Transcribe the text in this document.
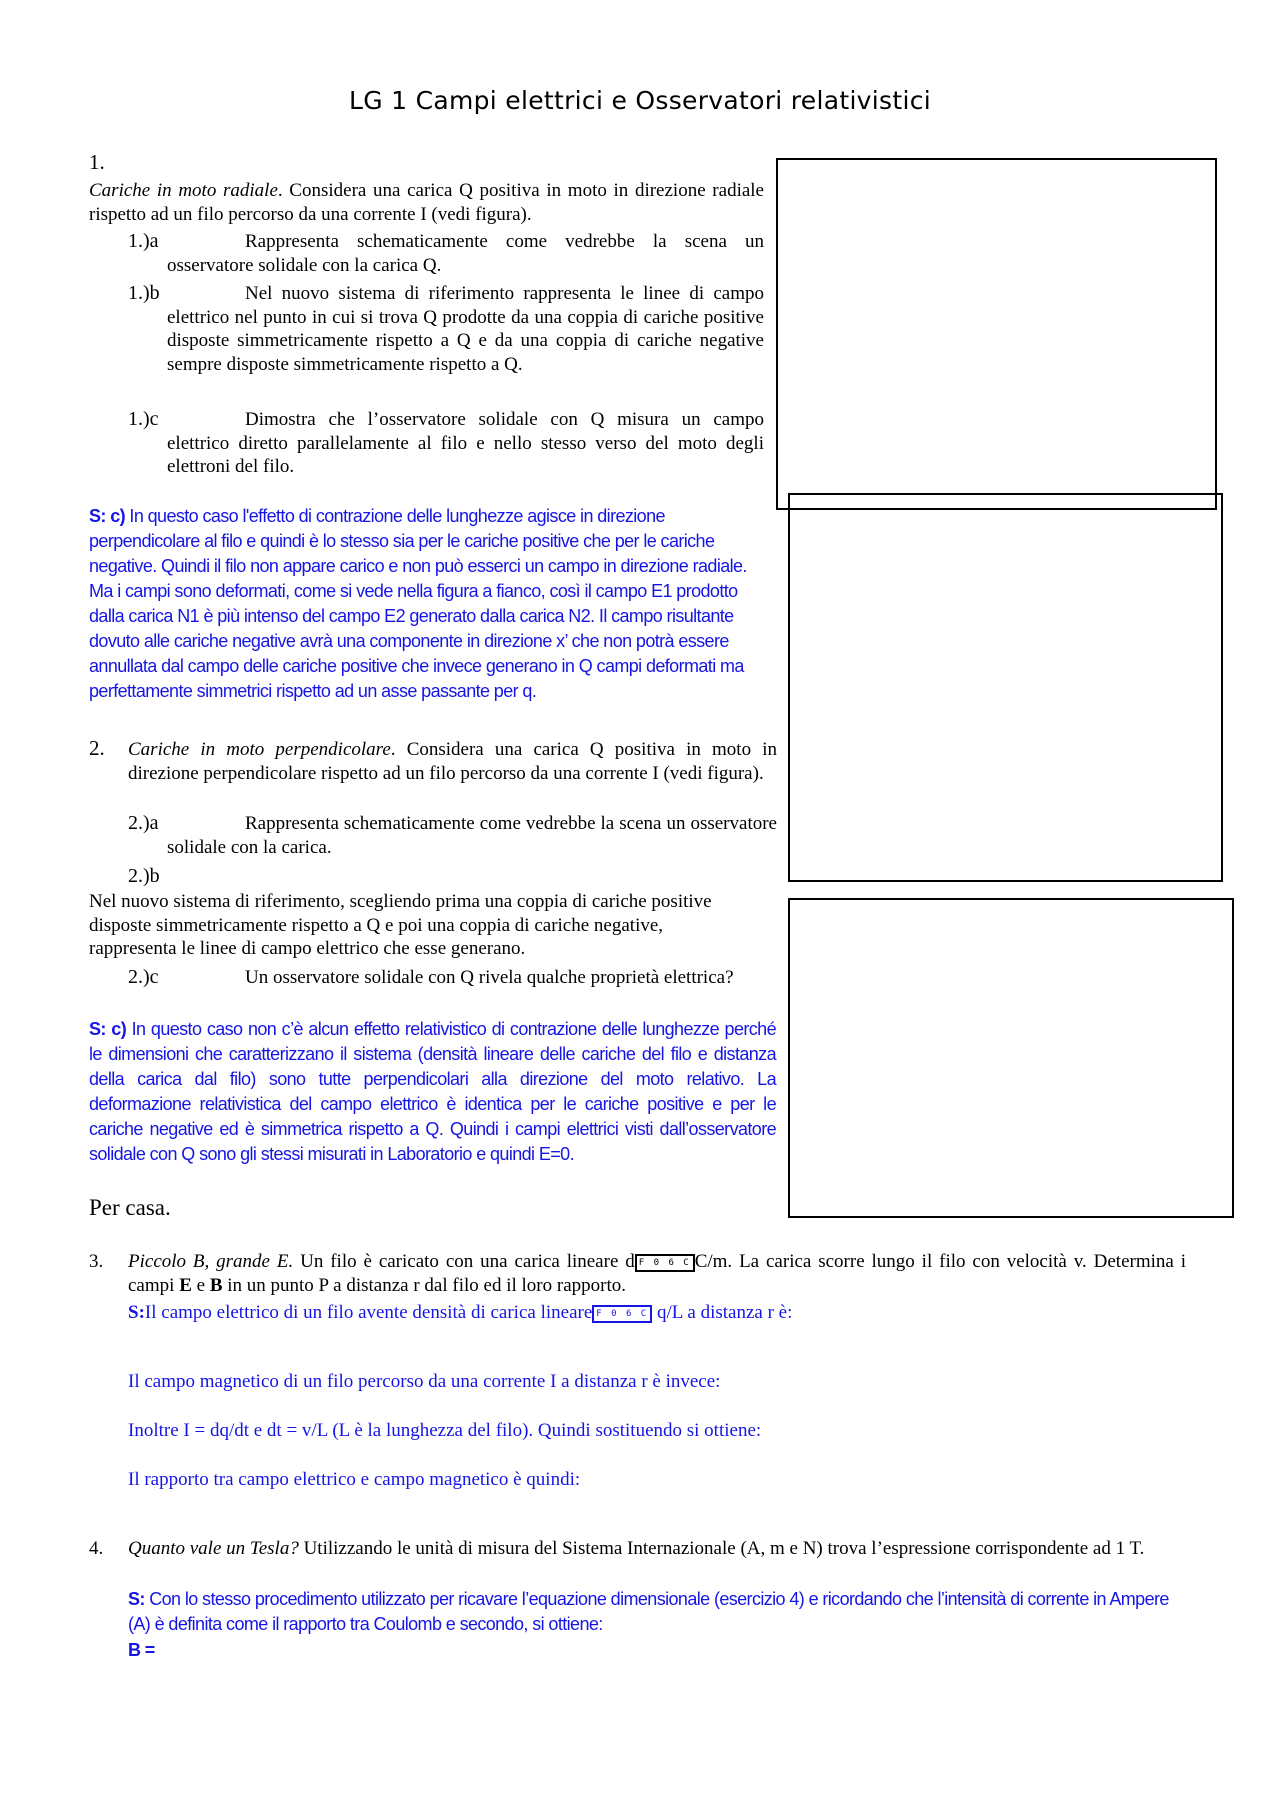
LG 1 Campi elettrici e Osservatori relativistici
1.
Cariche in moto radiale. Considera una carica Q positiva in moto in direzione radiale rispetto ad un filo percorso da una corrente I (vedi figura).
1.)a	Rappresenta schematicamente come vedrebbe la scena un osservatore solidale con la carica Q.
1.)b	Nel nuovo sistema di riferimento rappresenta le linee di campo elettrico nel punto in cui si trova Q prodotte da una coppia di cariche positive disposte simmetricamente rispetto a Q e da una coppia di cariche negative sempre disposte simmetricamente rispetto a Q.
1.)c	Dimostra che l’osservatore solidale con Q misura un campo elettrico diretto parallelamente al filo e nello stesso verso del moto degli elettroni del filo.
S: c) In questo caso l'effetto di contrazione delle lunghezze agisce in direzione perpendicolare al filo e quindi è lo stesso sia per le cariche positive che per le cariche negative. Quindi il filo non appare carico e non può esserci un campo in direzione radiale. Ma i campi sono deformati, come si vede nella figura a fianco, così il campo E1 prodotto dalla carica N1 è più intenso del campo E2 generato dalla carica N2. Il campo risultante dovuto alle cariche negative avrà una componente in direzione x’ che non potrà essere annullata dal campo delle cariche positive che invece generano in Q campi deformati ma perfettamente simmetrici rispetto ad un asse passante per q.
2. Cariche in moto perpendicolare. Considera una carica Q positiva in moto in direzione perpendicolare rispetto ad un filo percorso da una corrente I (vedi figura).
2.)a	Rappresenta schematicamente come vedrebbe la scena un osservatore solidale con la carica.
2.)b
Nel nuovo sistema di riferimento, scegliendo prima una coppia di cariche positive disposte simmetricamente rispetto a Q e poi una coppia di cariche negative, rappresenta le linee di campo elettrico che esse generano.
2.)c	Un osservatore solidale con Q rivela qualche proprietà elettrica?
S: c) In questo caso non c’è alcun effetto relativistico di contrazione delle lunghezze perché le dimensioni che caratterizzano il sistema (densità lineare delle cariche del filo e distanza della carica dal filo) sono tutte perpendicolari alla direzione del moto relativo. La deformazione relativistica del campo elettrico è identica per le cariche positive e per le cariche negative ed è simmetrica rispetto a Q. Quindi i campi elettrici visti dall’osservatore solidale con Q sono gli stessi misurati in Laboratorio e quindi E=0.
Per casa.
3. Piccolo B, grande E. Un filo è caricato con una carica lineare d F 0 6 C C/m. La carica scorre lungo il filo con velocità v. Determina i campi E e B in un punto P a distanza r dal filo ed il loro rapporto.
S:Il campo elettrico di un filo avente densità di carica lineare F 0 6 C q/L a distanza r è:
Il campo magnetico di un filo percorso da una corrente I a distanza r è invece:
Inoltre I = dq/dt e dt = v/L (L è la lunghezza del filo). Quindi sostituendo si ottiene:
Il rapporto tra campo elettrico e campo magnetico è quindi:
4. Quanto vale un Tesla? Utilizzando le unità di misura del Sistema Internazionale (A, m e N) trova l’espressione corrispondente ad 1 T.
S: Con lo stesso procedimento utilizzato per ricavare l’equazione dimensionale (esercizio 4) e ricordando che l’intensità di corrente in Ampere (A) è definita come il rapporto tra Coulomb e secondo, si ottiene:
B =
